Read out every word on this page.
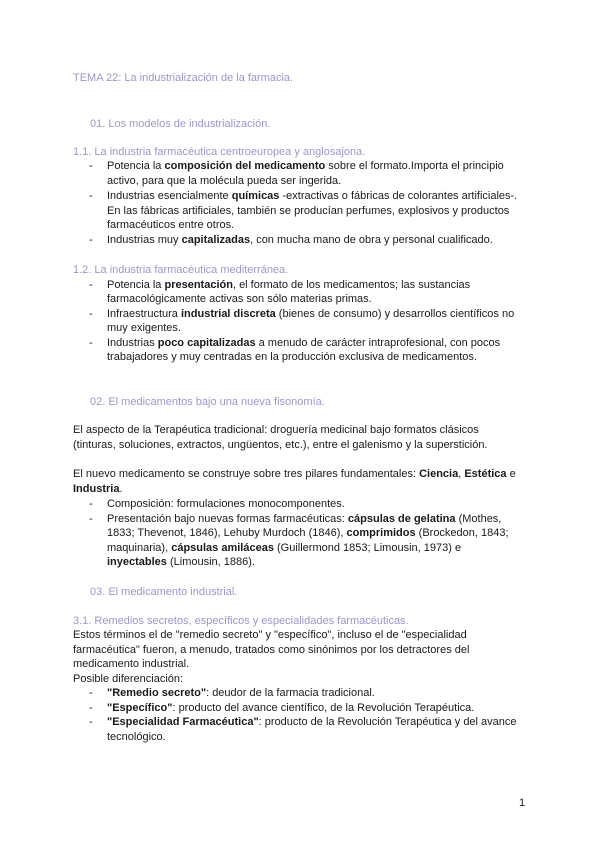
TEMA 22: La industrialización de la farmacia.
01. Los modelos de industrialización.
1.1. La industria farmacéutica centroeuropea y anglosajona.
- Potencia la composición del medicamento sobre el formato.Importa el principio
activo, para que la molécula pueda ser ingerida.
- Industrias esencialmente químicas -extractivas o fábricas de colorantes artificiales-.
En las fábricas artificiales, también se producían perfumes, explosivos y productos
farmacéuticos entre otros.
- Industrias muy capitalizadas, con mucha mano de obra y personal cualificado.
1.2. La industria farmacéutica mediterránea.
- Potencia la presentación, el formato de los medicamentos; las sustancias
farmacológicamente activas son sólo materias primas.
- Infraestructura industrial discreta (bienes de consumo) y desarrollos científicos no
muy exigentes.
- Industrias poco capitalizadas a menudo de carácter intraprofesional, con pocos
trabajadores y muy centradas en la producción exclusiva de medicamentos.
02. El medicamentos bajo una nueva fisonomía.
El aspecto de la Terapéutica tradicional: droguería medicinal bajo formatos clásicos
(tinturas, soluciones, extractos, ungüentos, etc.), entre el galenismo y la superstición.
El nuevo medicamento se construye sobre tres pilares fundamentales: Ciencia, Estética e
Industria.
- Composición: formulaciones monocomponentes.
- Presentación bajo nuevas formas farmacéuticas: cápsulas de gelatina (Mothes,
1833; Thevenot, 1846), Lehuby Murdoch (1846), comprimidos (Brockedon, 1843;
maquinaria), cápsulas amiláceas (Guillermond 1853; Limousin, 1973) e
inyectables (Limousin, 1886).
03. El medicamento industrial.
3.1. Remedios secretos, específicos y especialidades farmacéuticas.
Estos términos el de "remedio secreto" y "específico", incluso el de "especialidad
farmacéutica" fueron, a menudo, tratados como sinónimos por los detractores del
medicamento industrial.
Posible diferenciación:
- "Remedio secreto": deudor de la farmacia tradicional.
- "Específico": producto del avance científico, de la Revolución Terapéutica.
- "Especialidad Farmacéutica": producto de la Revolución Terapéutica y del avance
tecnológico.
1
